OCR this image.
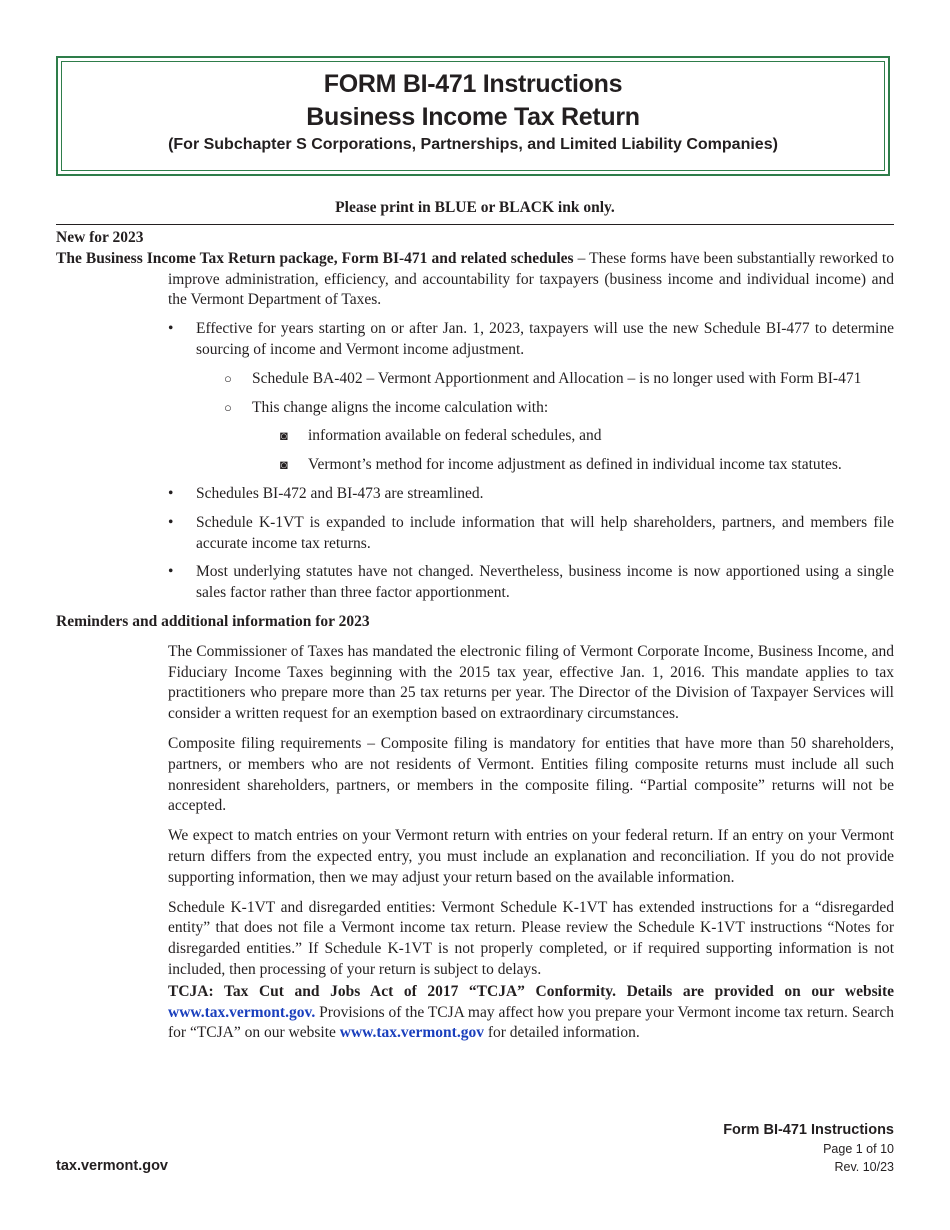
FORM BI-471 Instructions
Business Income Tax Return
(For Subchapter S Corporations, Partnerships, and Limited Liability Companies)
Please print in BLUE or BLACK ink only.

New for 2023

The Business Income Tax Return package, Form BI-471 and related schedules – These forms have been substantially reworked to improve administration, efficiency, and accountability for taxpayers (business income and individual income) and the Vermont Department of Taxes.

• Effective for years starting on or after Jan. 1, 2023, taxpayers will use the new Schedule BI-477 to determine sourcing of income and Vermont income adjustment.
○ Schedule BA-402 – Vermont Apportionment and Allocation – is no longer used with Form BI-471
○ This change aligns the income calculation with:
◙ information available on federal schedules, and
◙ Vermont’s method for income adjustment as defined in individual income tax statutes.
• Schedules BI-472 and BI-473 are streamlined.
• Schedule K-1VT is expanded to include information that will help shareholders, partners, and members file accurate income tax returns.
• Most underlying statutes have not changed. Nevertheless, business income is now apportioned using a single sales factor rather than three factor apportionment.

Reminders and additional information for 2023

The Commissioner of Taxes has mandated the electronic filing of Vermont Corporate Income, Business Income, and Fiduciary Income Taxes beginning with the 2015 tax year, effective Jan. 1, 2016. This mandate applies to tax practitioners who prepare more than 25 tax returns per year. The Director of the Division of Taxpayer Services will consider a written request for an exemption based on extraordinary circumstances.

Composite filing requirements – Composite filing is mandatory for entities that have more than 50 shareholders, partners, or members who are not residents of Vermont. Entities filing composite returns must include all such nonresident shareholders, partners, or members in the composite filing. “Partial composite” returns will not be accepted.

We expect to match entries on your Vermont return with entries on your federal return. If an entry on your Vermont return differs from the expected entry, you must include an explanation and reconciliation. If you do not provide supporting information, then we may adjust your return based on the available information.

Schedule K-1VT and disregarded entities: Vermont Schedule K-1VT has extended instructions for a “disregarded entity” that does not file a Vermont income tax return. Please review the Schedule K-1VT instructions “Notes for disregarded entities.” If Schedule K-1VT is not properly completed, or if required supporting information is not included, then processing of your return is subject to delays.

TCJA: Tax Cut and Jobs Act of 2017 “TCJA” Conformity. Details are provided on our website www.tax.vermont.gov. Provisions of the TCJA may affect how you prepare your Vermont income tax return. Search for “TCJA” on our website www.tax.vermont.gov for detailed information.

Form BI-471 Instructions
Page 1 of 10
Rev. 10/23
tax.vermont.gov
